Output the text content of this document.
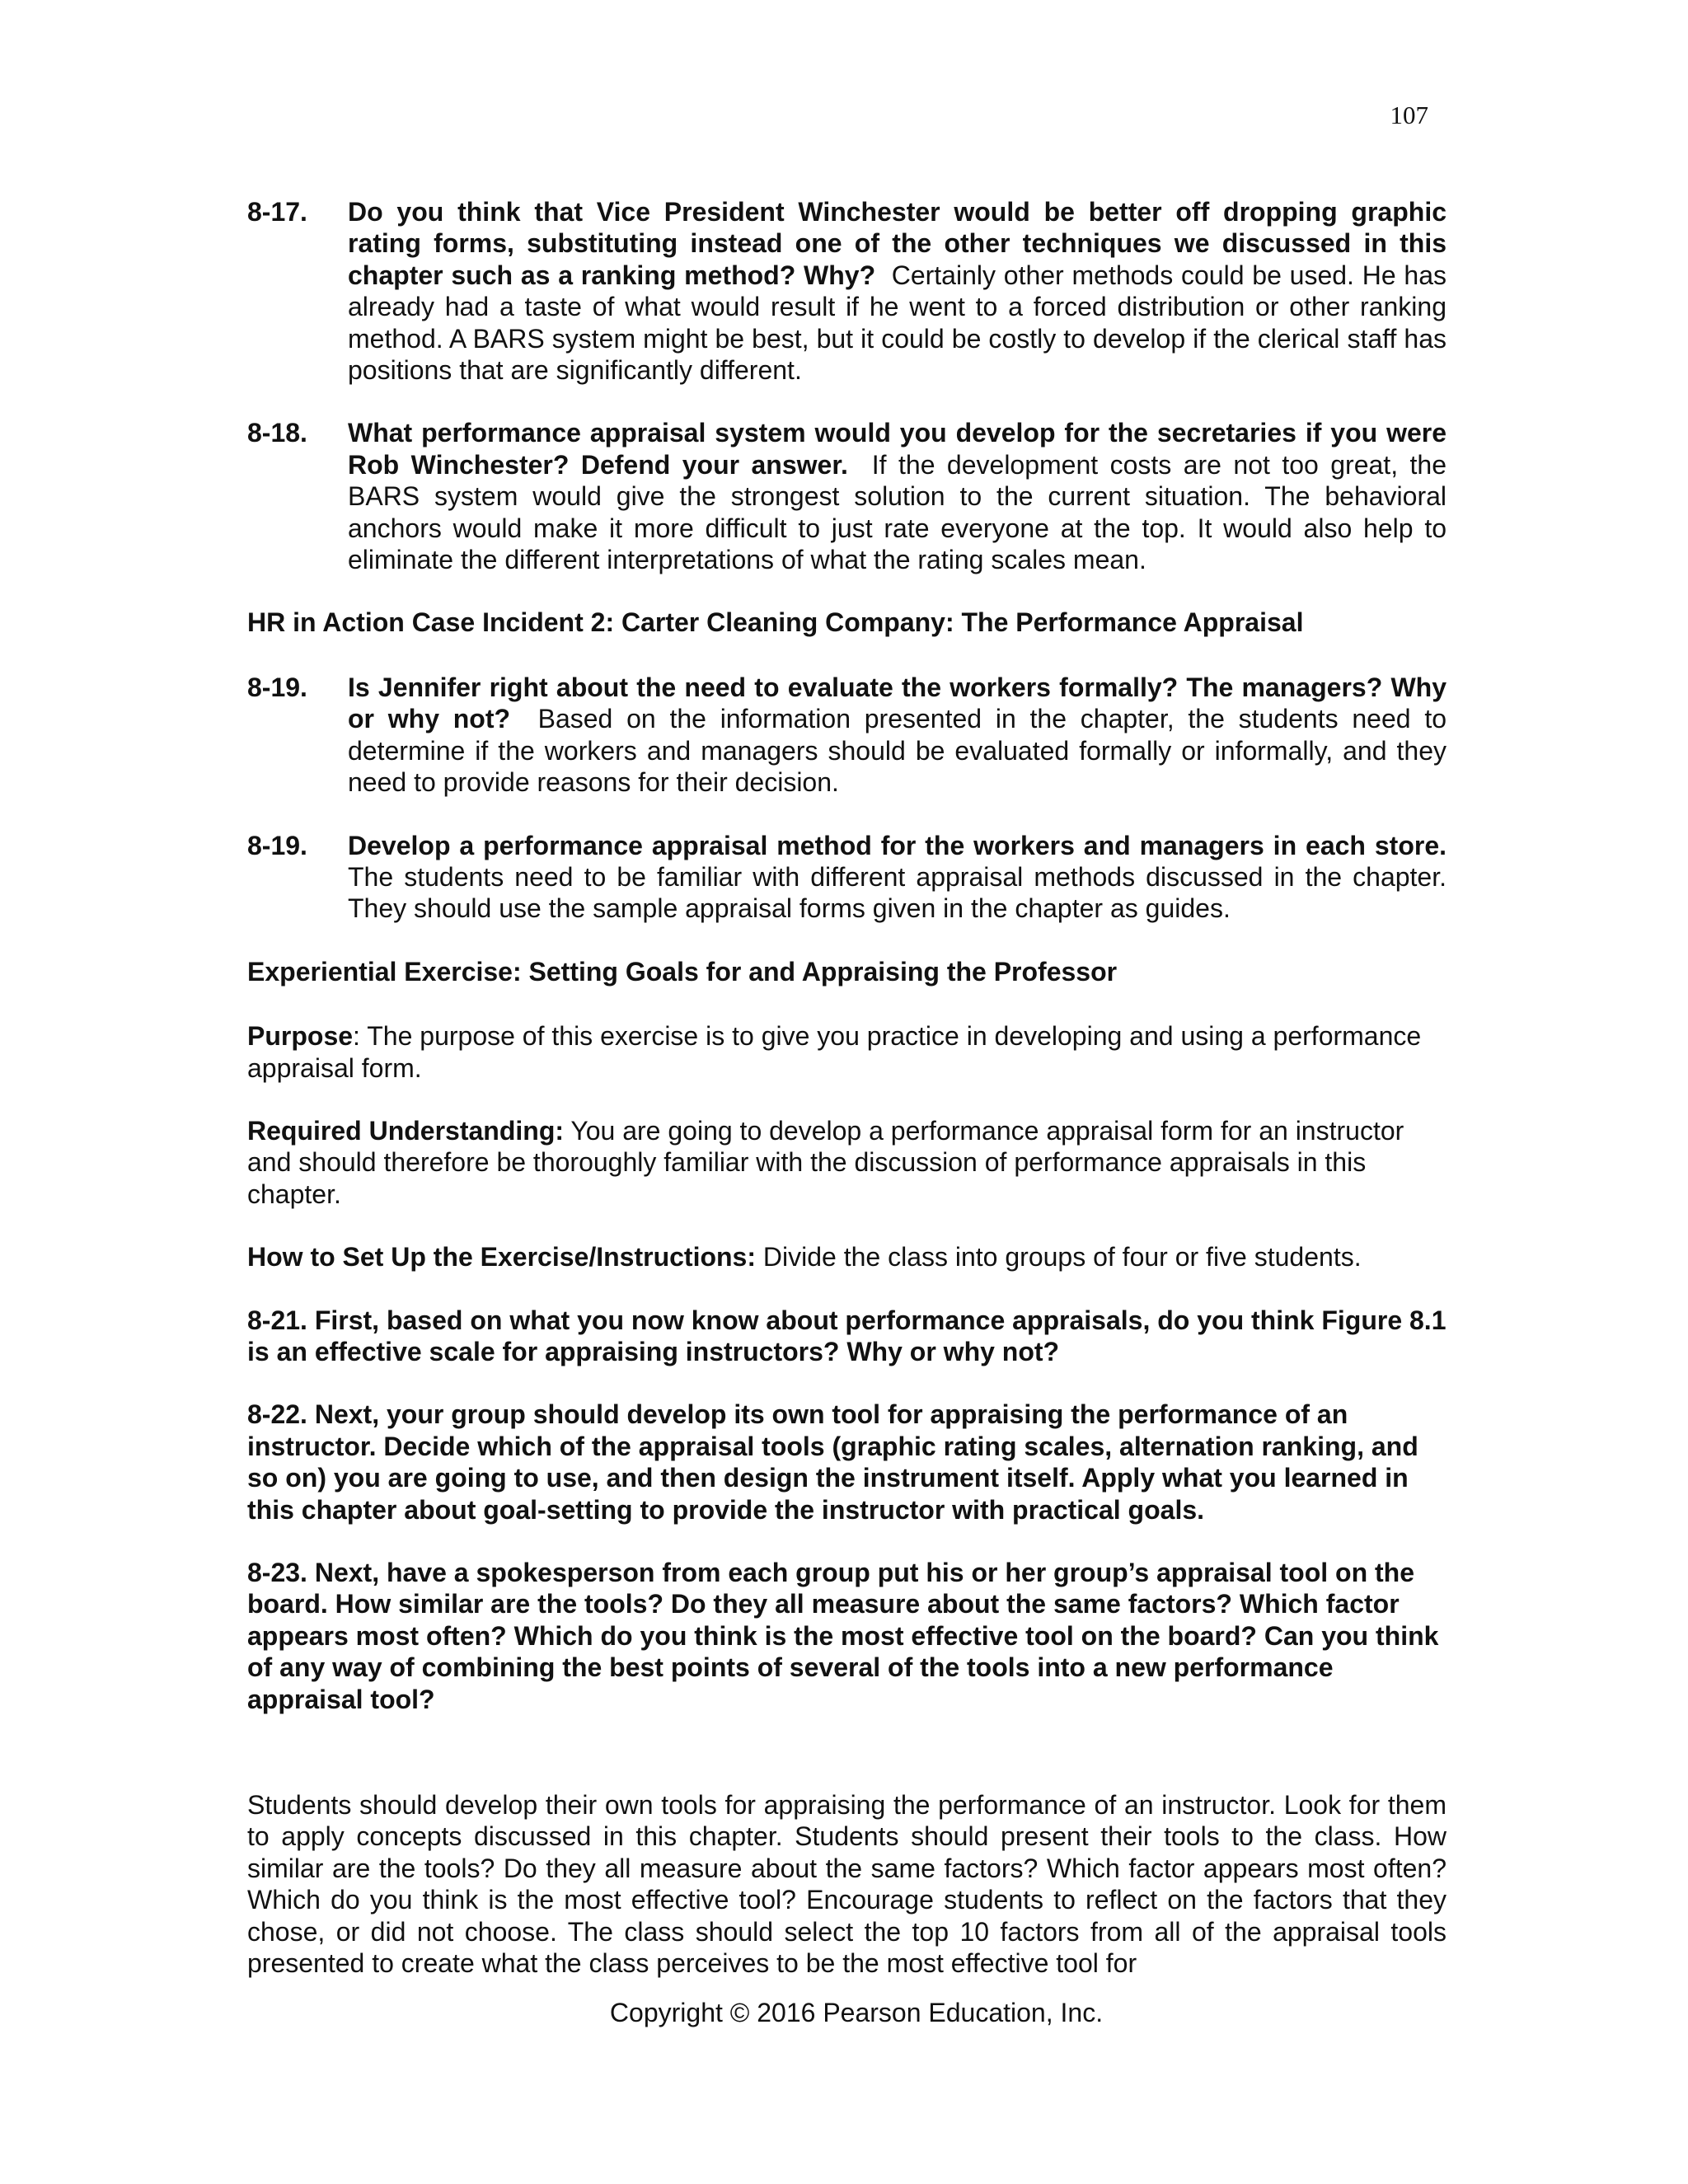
107
8-17.	Do you think that Vice President Winchester would be better off dropping graphic rating forms, substituting instead one of the other techniques we discussed in this chapter such as a ranking method? Why? Certainly other methods could be used. He has already had a taste of what would result if he went to a forced distribution or other ranking method. A BARS system might be best, but it could be costly to develop if the clerical staff has positions that are significantly different.
8-18.	What performance appraisal system would you develop for the secretaries if you were Rob Winchester? Defend your answer. If the development costs are not too great, the BARS system would give the strongest solution to the current situation. The behavioral anchors would make it more difficult to just rate everyone at the top. It would also help to eliminate the different interpretations of what the rating scales mean.
HR in Action Case Incident 2: Carter Cleaning Company: The Performance Appraisal
8-19.	Is Jennifer right about the need to evaluate the workers formally? The managers? Why or why not? Based on the information presented in the chapter, the students need to determine if the workers and managers should be evaluated formally or informally, and they need to provide reasons for their decision.
8-19.	Develop a performance appraisal method for the workers and managers in each store. The students need to be familiar with different appraisal methods discussed in the chapter. They should use the sample appraisal forms given in the chapter as guides.
Experiential Exercise: Setting Goals for and Appraising the Professor
Purpose: The purpose of this exercise is to give you practice in developing and using a performance appraisal form.
Required Understanding: You are going to develop a performance appraisal form for an instructor and should therefore be thoroughly familiar with the discussion of performance appraisals in this chapter.
How to Set Up the Exercise/Instructions: Divide the class into groups of four or five students.
8-21. First, based on what you now know about performance appraisals, do you think Figure 8.1 is an effective scale for appraising instructors? Why or why not?
8-22. Next, your group should develop its own tool for appraising the performance of an instructor. Decide which of the appraisal tools (graphic rating scales, alternation ranking, and so on) you are going to use, and then design the instrument itself. Apply what you learned in this chapter about goal-setting to provide the instructor with practical goals.
8-23. Next, have a spokesperson from each group put his or her group’s appraisal tool on the board. How similar are the tools? Do they all measure about the same factors? Which factor appears most often? Which do you think is the most effective tool on the board? Can you think of any way of combining the best points of several of the tools into a new performance appraisal tool?
Students should develop their own tools for appraising the performance of an instructor. Look for them to apply concepts discussed in this chapter. Students should present their tools to the class. How similar are the tools? Do they all measure about the same factors? Which factor appears most often? Which do you think is the most effective tool? Encourage students to reflect on the factors that they chose, or did not choose. The class should select the top 10 factors from all of the appraisal tools presented to create what the class perceives to be the most effective tool for
Copyright © 2016 Pearson Education, Inc.
